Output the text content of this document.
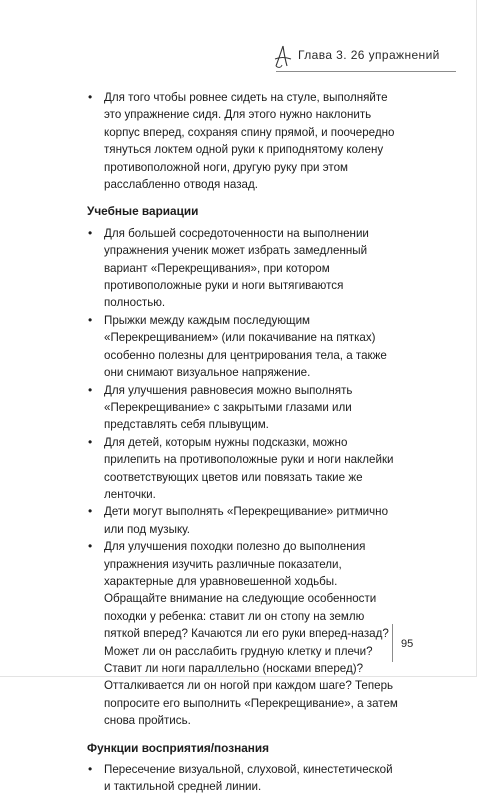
Глава 3. 26 упражнений
• Для того чтобы ровнее сидеть на стуле, выполняйте это упражнение сидя. Для этого нужно наклонить корпус вперед, сохраняя спину прямой, и поочередно тянуться локтем одной руки к приподнятому колену противоположной ноги, другую руку при этом расслабленно отводя назад.
Учебные вариации
• Для большей сосредоточенности на выполнении упражнения ученик может избрать замедленный вариант «Перекрещивания», при котором противоположные руки и ноги вытягиваются полностью.
• Прыжки между каждым последующим «Перекрещиванием» (или покачивание на пятках) особенно полезны для центрирования тела, а также они снимают визуальное напряжение.
• Для улучшения равновесия можно выполнять «Перекрещивание» с закрытыми глазами или представлять себя плывущим.
• Для детей, которым нужны подсказки, можно прилепить на противоположные руки и ноги наклейки соответствующих цветов или повязать такие же ленточки.
• Дети могут выполнять «Перекрещивание» ритмично или под музыку.
• Для улучшения походки полезно до выполнения упражнения изучить различные показатели, характерные для уравновешенной ходьбы. Обращайте внимание на следующие особенности походки у ребенка: ставит ли он стопу на землю пяткой вперед? Качаются ли его руки вперед-назад? Может ли он расслабить грудную клетку и плечи? Ставит ли ноги параллельно (носками вперед)? Отталкивается ли он ногой при каждом шаге? Теперь попросите его выполнить «Перекрещивание», а затем снова пройтись.
Функции восприятия/познания
• Пересечение визуальной, слуховой, кинестетической и тактильной средней линии.
95
